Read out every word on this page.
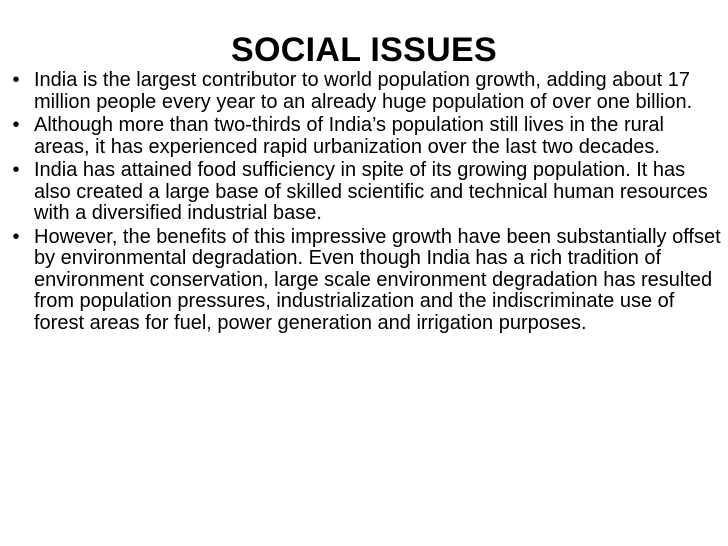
SOCIAL ISSUES
• India is the largest contributor to world population growth, adding about 17 million people every year to an already huge population of over one billion.
• Although more than two-thirds of India’s population still lives in the rural areas, it has experienced rapid urbanization over the last two decades.
• India has attained food sufficiency in spite of its growing population. It has also created a large base of skilled scientific and technical human resources with a diversified industrial base.
• However, the benefits of this impressive growth have been substantially offset by environmental degradation. Even though India has a rich tradition of environment conservation, large scale environment degradation has resulted from population pressures, industrialization and the indiscriminate use of forest areas for fuel, power generation and irrigation purposes.
